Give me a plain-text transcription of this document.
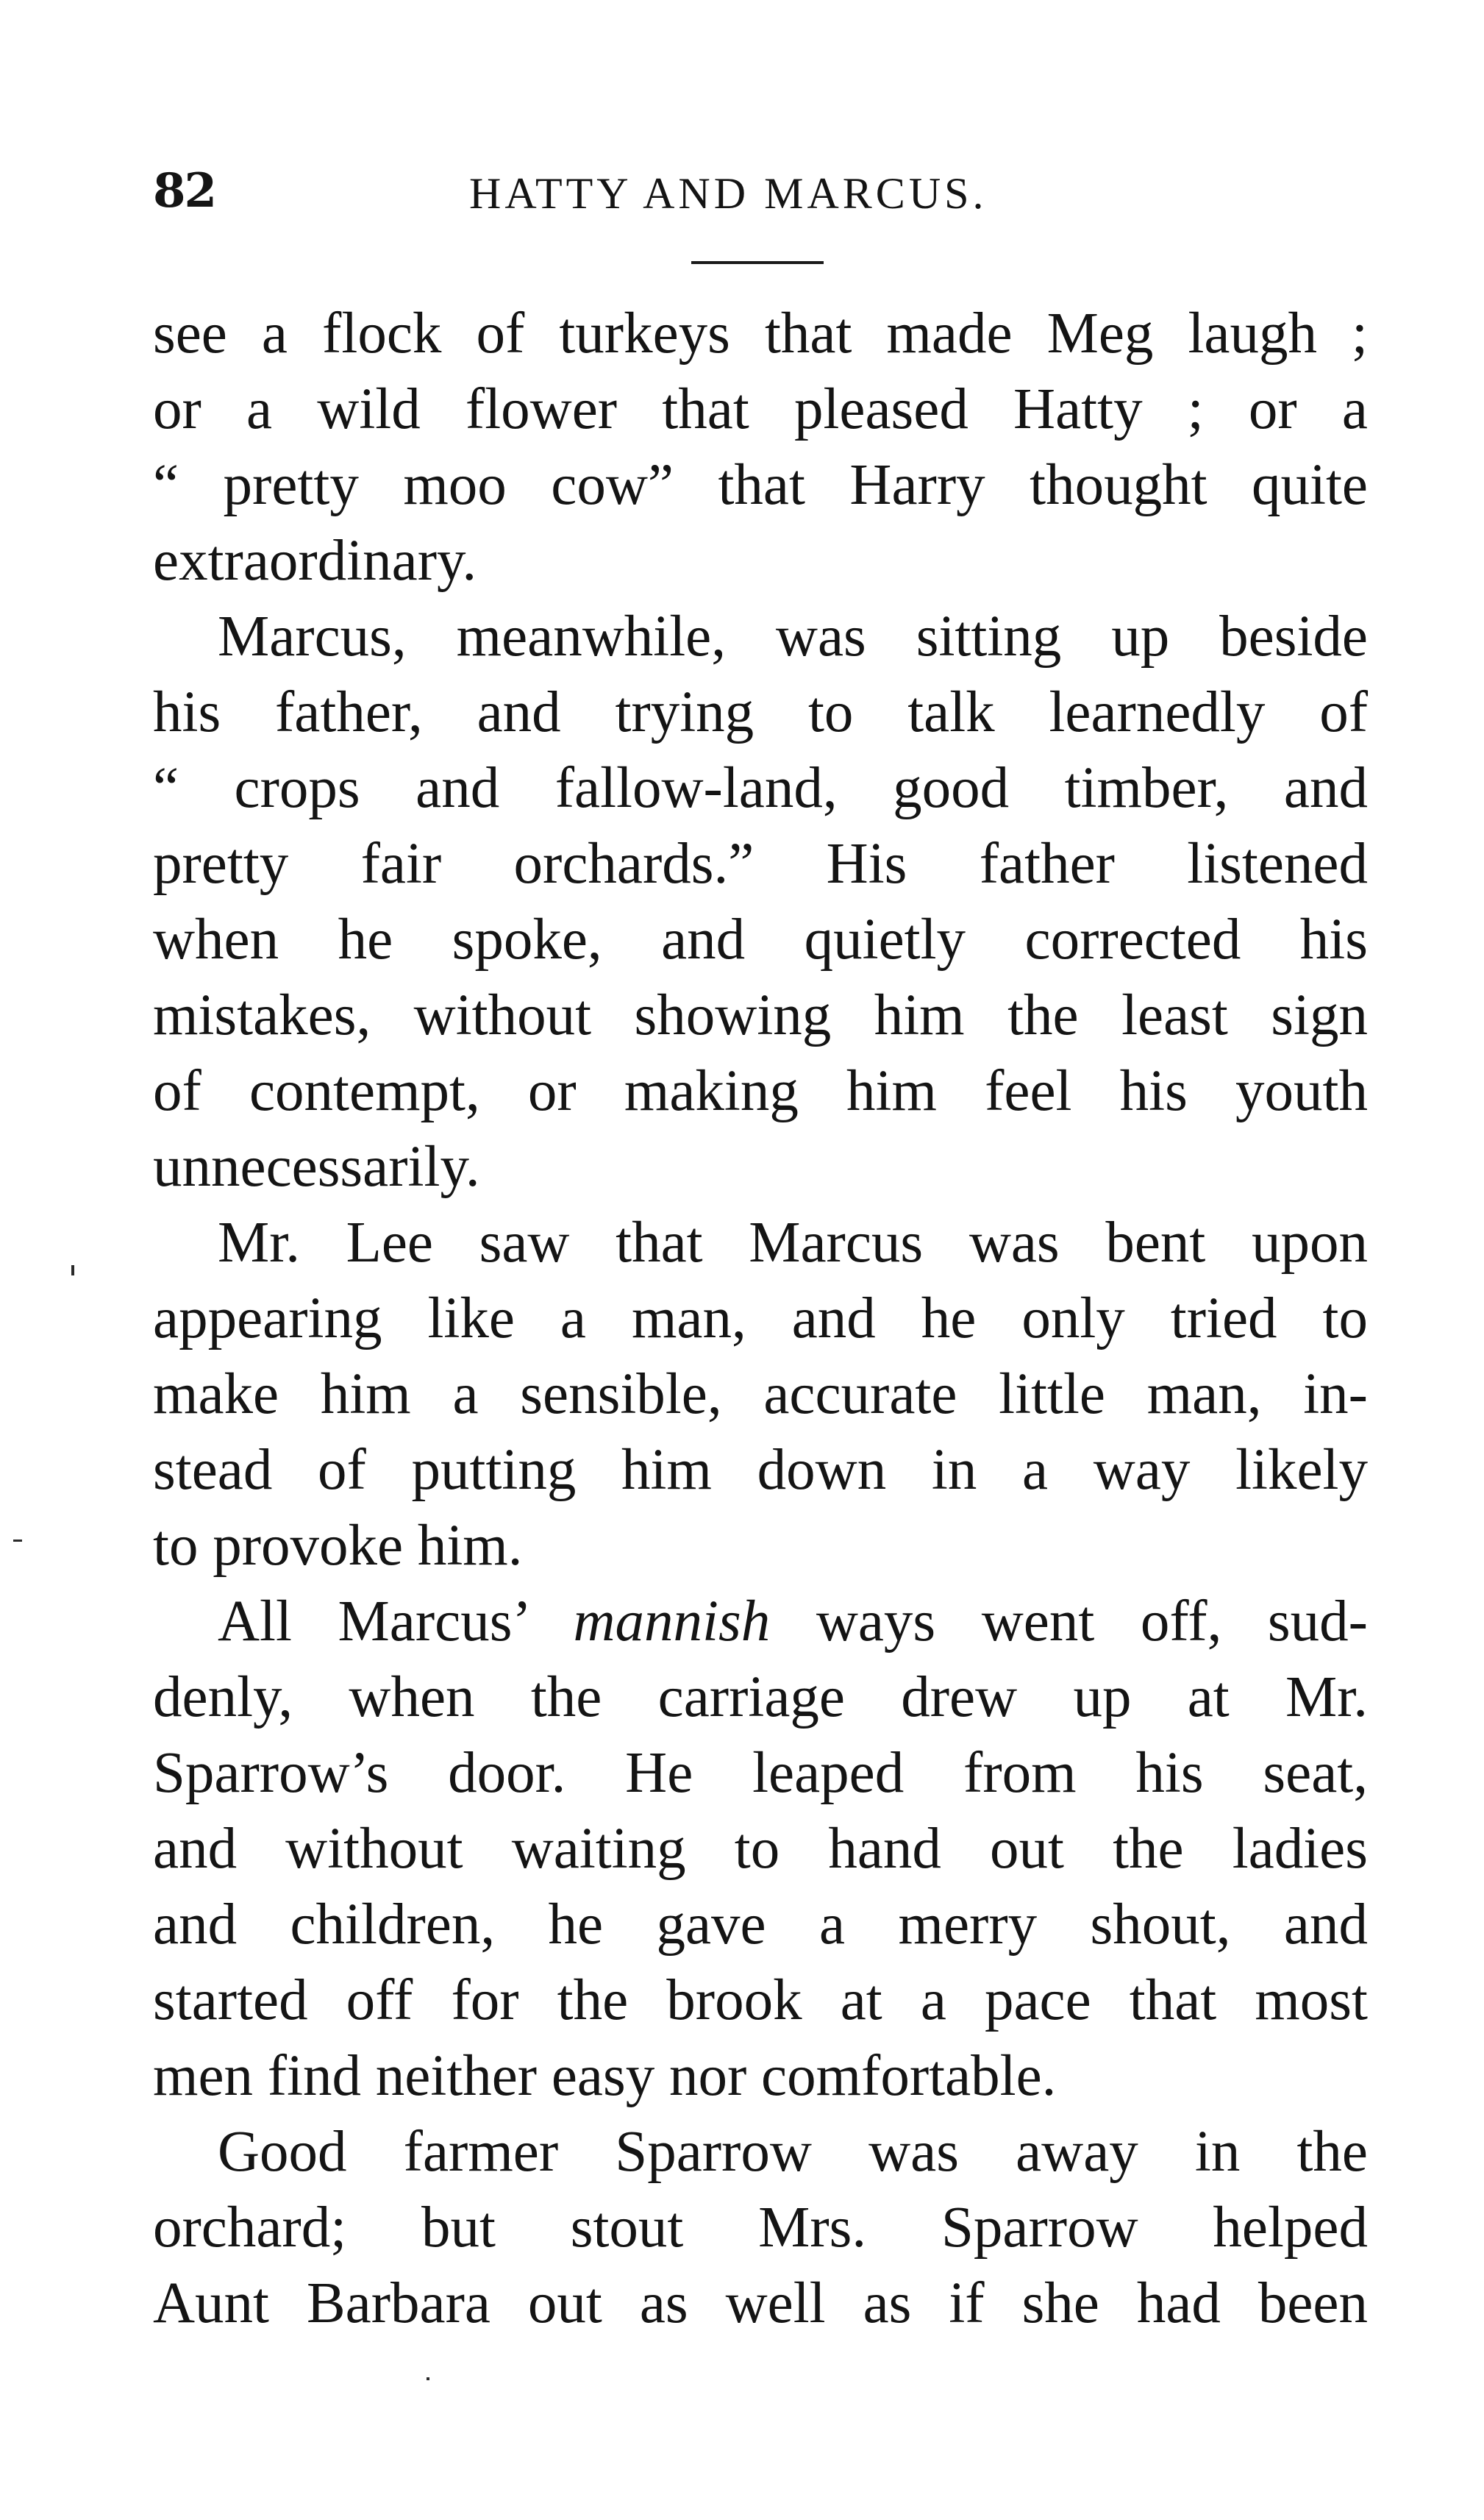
82	HATTY AND MARCUS.
see a flock of turkeys that made Meg laugh ;
or a wild flower that pleased Hatty ; or a
“ pretty moo cow” that Harry thought quite
extraordinary.
Marcus, meanwhile, was sitting up beside
his father, and trying to talk learnedly of
“ crops and fallow-land, good timber, and
pretty fair orchards.” His father listened
when he spoke, and quietly corrected his
mistakes, without showing him the least sign
of contempt, or making him feel his youth
unnecessarily.
Mr. Lee saw that Marcus was bent upon
appearing like a man, and he only tried to
make him a sensible, accurate little man, in-
stead of putting him down in a way likely
to provoke him.
All Marcus’ mannish ways went off, sud-
denly, when the carriage drew up at Mr.
Sparrow’s door. He leaped from his seat,
and without waiting to hand out the ladies
and children, he gave a merry shout, and
started off for the brook at a pace that most
men find neither easy nor comfortable.
Good farmer Sparrow was away in the
orchard; but stout Mrs. Sparrow helped
Aunt Barbara out as well as if she had been
